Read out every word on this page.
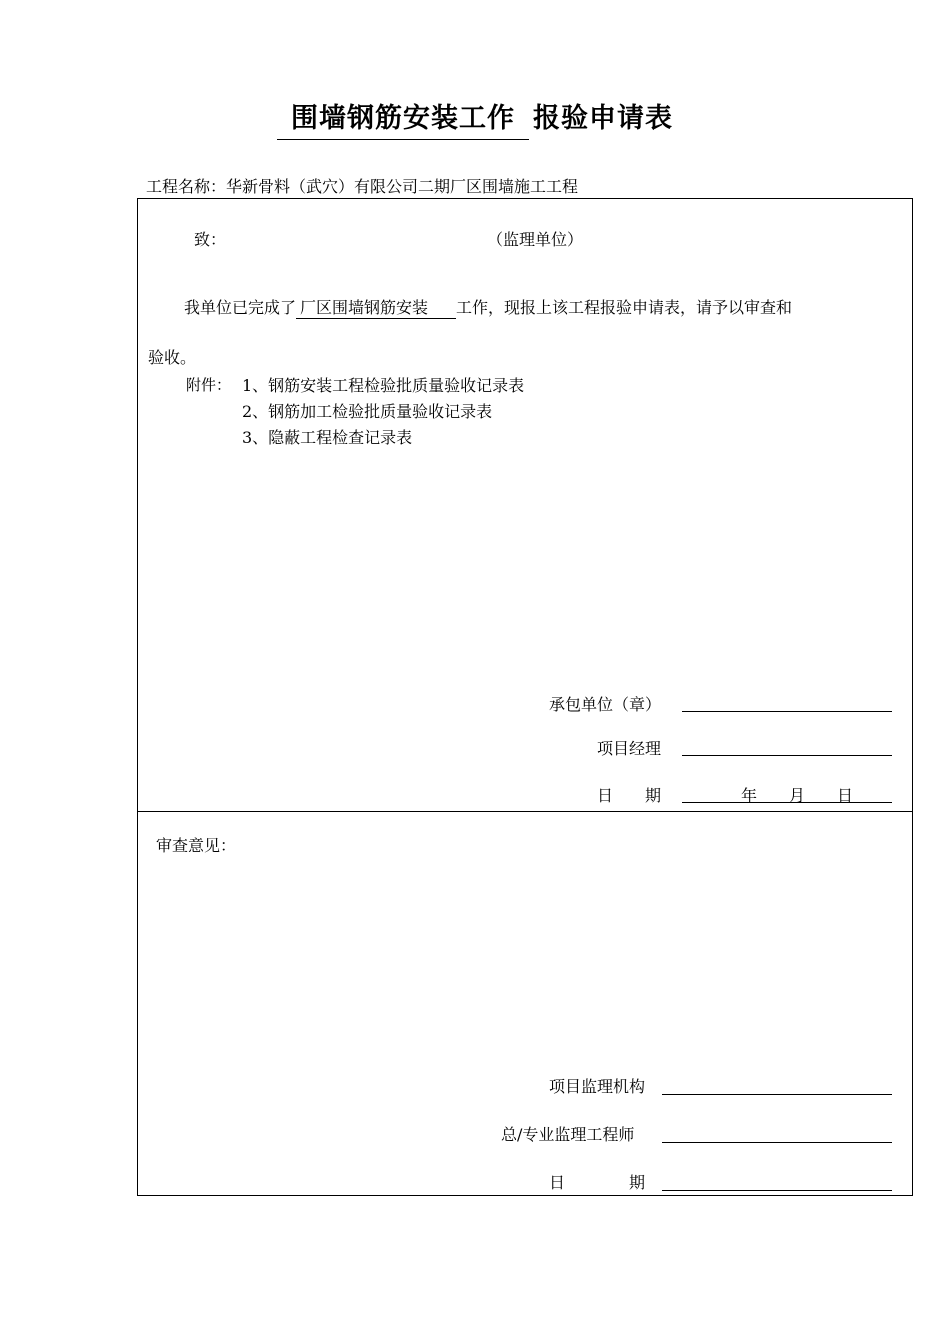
围墙钢筋安装工作 报验申请表
工程名称：华新骨料（武穴）有限公司二期厂区围墙施工工程
致：	（监理单位）
我单位已完成了 厂区围墙钢筋安装 工作，现报上该工程报验申请表，请予以审查和
验收。
附件： 1、钢筋安装工程检验批质量验收记录表
2、钢筋加工检验批质量验收记录表
3、隐蔽工程检查记录表
承包单位（章）
项目经理
日　　期	年 月 日
审查意见：
项目监理机构
总/专业监理工程师
日　　　　期
